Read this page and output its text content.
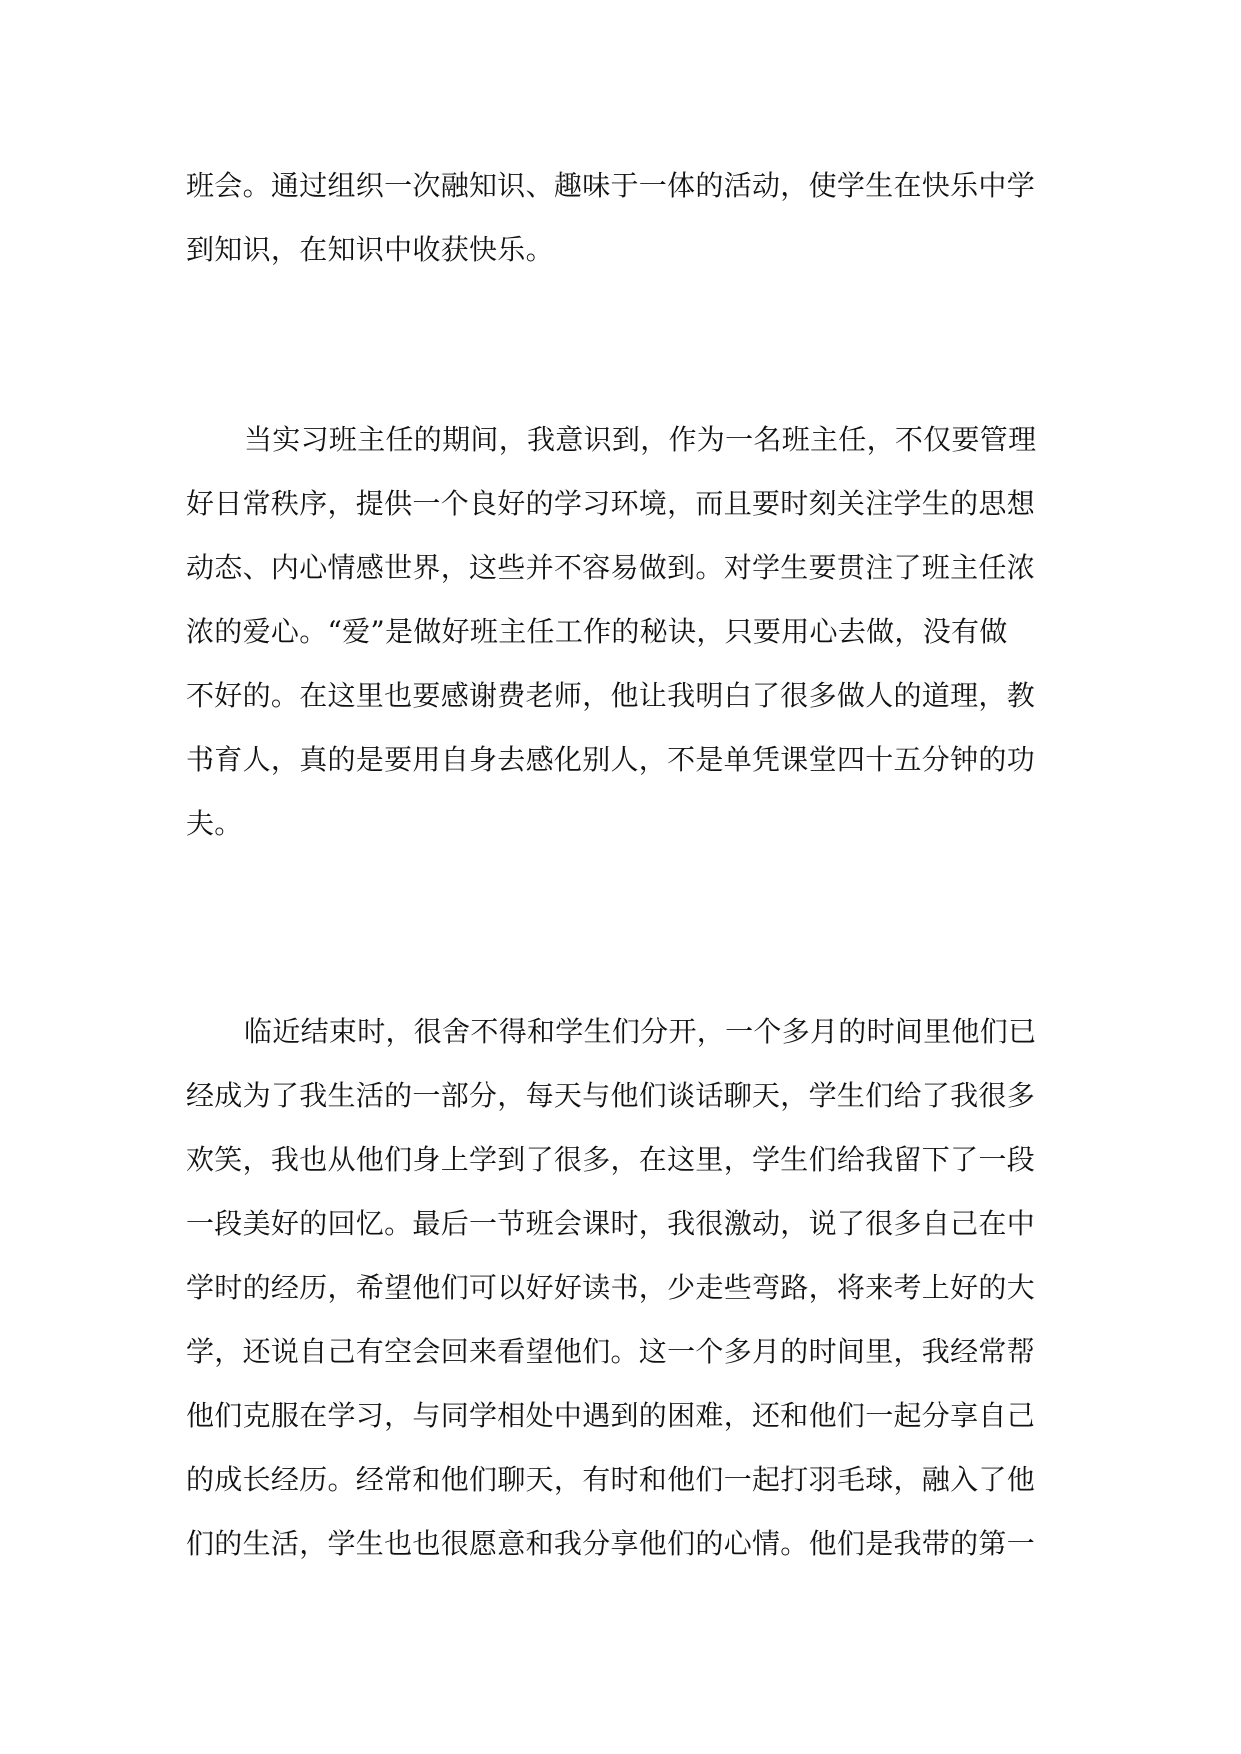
班会。通过组织一次融知识、趣味于一体的活动，使学生在快乐中学
到知识，在知识中收获快乐。
当实习班主任的期间，我意识到，作为一名班主任，不仅要管理
好日常秩序，提供一个良好的学习环境，而且要时刻关注学生的思想
动态、内心情感世界，这些并不容易做到。对学生要贯注了班主任浓
浓的爱心。“爱”是做好班主任工作的秘诀，只要用心去做，没有做
不好的。在这里也要感谢费老师，他让我明白了很多做人的道理，教
书育人，真的是要用自身去感化别人，不是单凭课堂四十五分钟的功
夫。
临近结束时，很舍不得和学生们分开，一个多月的时间里他们已
经成为了我生活的一部分，每天与他们谈话聊天，学生们给了我很多
欢笑，我也从他们身上学到了很多，在这里，学生们给我留下了一段
一段美好的回忆。最后一节班会课时，我很激动，说了很多自己在中
学时的经历，希望他们可以好好读书，少走些弯路，将来考上好的大
学，还说自己有空会回来看望他们。这一个多月的时间里，我经常帮
他们克服在学习，与同学相处中遇到的困难，还和他们一起分享自己
的成长经历。经常和他们聊天，有时和他们一起打羽毛球，融入了他
们的生活，学生也也很愿意和我分享他们的心情。他们是我带的第一
